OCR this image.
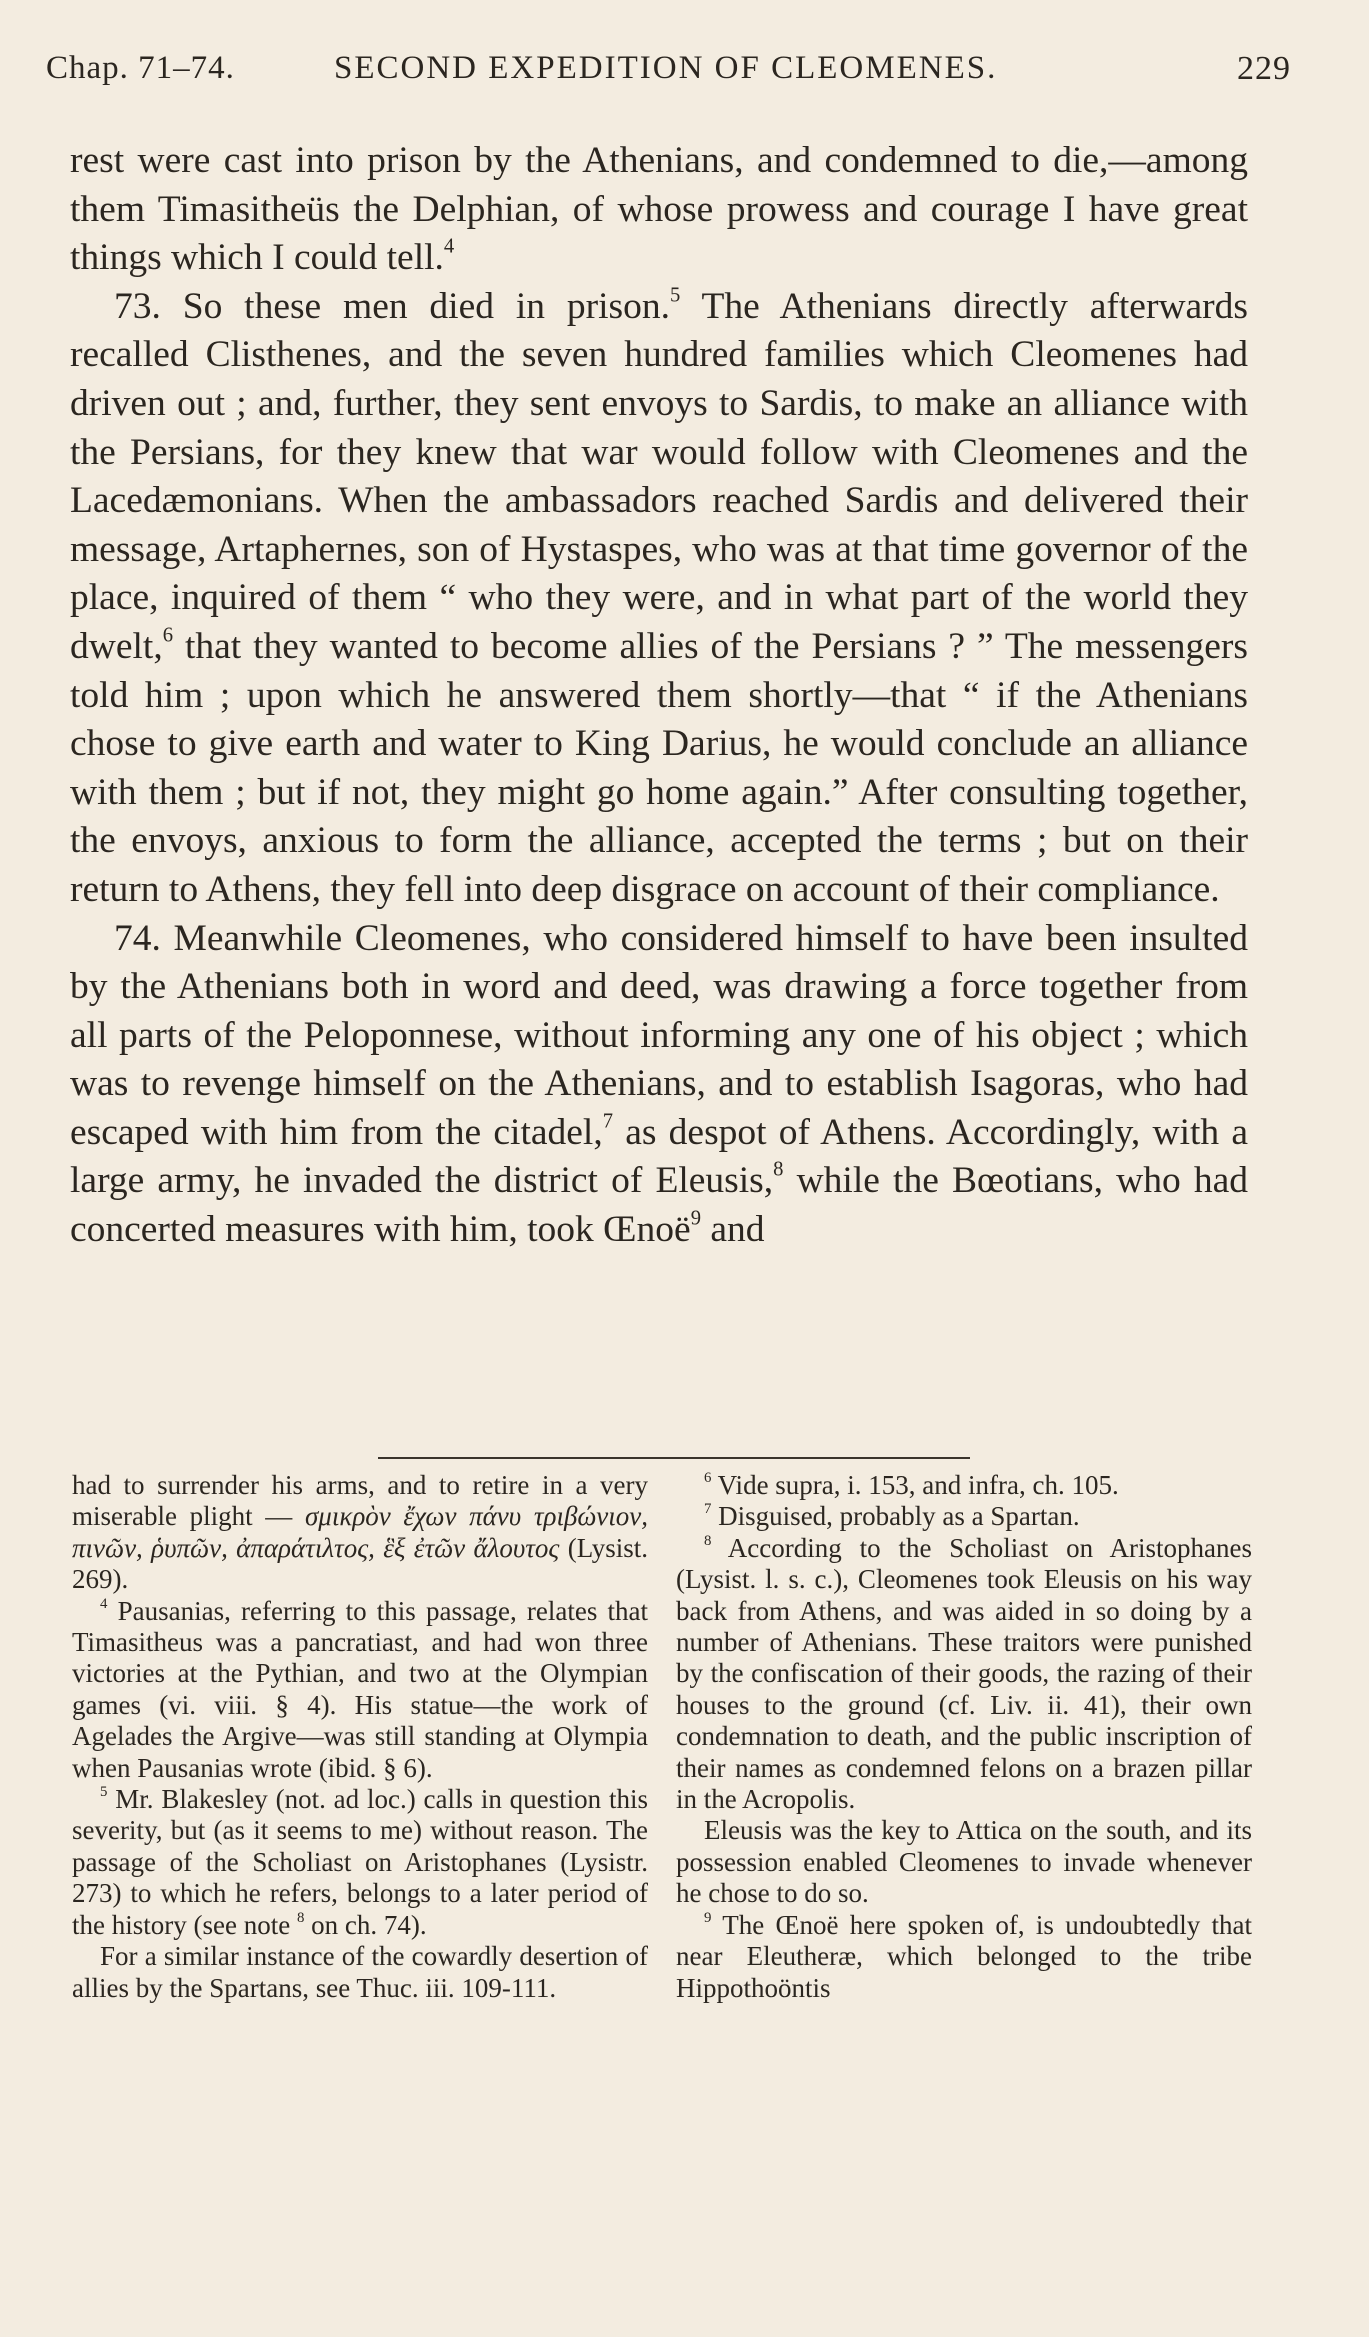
Chap. 71–74.	SECOND EXPEDITION OF CLEOMENES.	229

rest were cast into prison by the Athenians, and condemned to die,—among them Timasitheüs the Delphian, of whose prowess and courage I have great things which I could tell.$^4$

73. So these men died in prison.$^5$ The Athenians directly afterwards recalled Clisthenes, and the seven hundred families which Cleomenes had driven out ; and, further, they sent envoys to Sardis, to make an alliance with the Persians, for they knew that war would follow with Cleomenes and the Lacedæmonians. When the ambassadors reached Sardis and delivered their message, Artaphernes, son of Hystaspes, who was at that time governor of the place, inquired of them “ who they were, and in what part of the world they dwelt,$^6$ that they wanted to become allies of the Persians ? ” The messengers told him ; upon which he answered them shortly—that “ if the Athenians chose to give earth and water to King Darius, he would conclude an alliance with them ; but if not, they might go home again.” After consulting together, the envoys, anxious to form the alliance, accepted the terms ; but on their return to Athens, they fell into deep disgrace on account of their compliance.

74. Meanwhile Cleomenes, who considered himself to have been insulted by the Athenians both in word and deed, was drawing a force together from all parts of the Peloponnese, without informing any one of his object ; which was to revenge himself on the Athenians, and to establish Isagoras, who had escaped with him from the citadel,$^7$ as despot of Athens. Accordingly, with a large army, he invaded the district of Eleusis,$^8$ while the Bœotians, who had concerted measures with him, took Œnoë$^9$ and

had to surrender his arms, and to retire in a very miserable plight — σμικρὸν ἔχων πάνυ τριβώνιον, πινῶν, ῥυπῶν, ἀπαράτιλτος, ἓξ ἐτῶν ἄλουτος (Lysist. 269).

$^4$ Pausanias, referring to this passage, relates that Timasitheus was a pancratiast, and had won three victories at the Pythian, and two at the Olympian games (vi. viii. § 4). His statue—the work of Agelades the Argive—was still standing at Olympia when Pausanias wrote (ibid. § 6).

$^5$ Mr. Blakesley (not. ad loc.) calls in question this severity, but (as it seems to me) without reason. The passage of the Scholiast on Aristophanes (Lysistr. 273) to which he refers, belongs to a later period of the history (see note $^8$ on ch. 74).

For a similar instance of the cowardly desertion of allies by the Spartans, see Thuc. iii. 109-111.

$^6$ Vide supra, i. 153, and infra, ch. 105.

$^7$ Disguised, probably as a Spartan.

$^8$ According to the Scholiast on Aristophanes (Lysist. l. s. c.), Cleomenes took Eleusis on his way back from Athens, and was aided in so doing by a number of Athenians. These traitors were punished by the confiscation of their goods, the razing of their houses to the ground (cf. Liv. ii. 41), their own condemnation to death, and the public inscription of their names as condemned felons on a brazen pillar in the Acropolis.

Eleusis was the key to Attica on the south, and its possession enabled Cleomenes to invade whenever he chose to do so.

$^9$ The Œnoë here spoken of, is undoubtedly that near Eleutheræ, which belonged to the tribe Hippothoöntis
